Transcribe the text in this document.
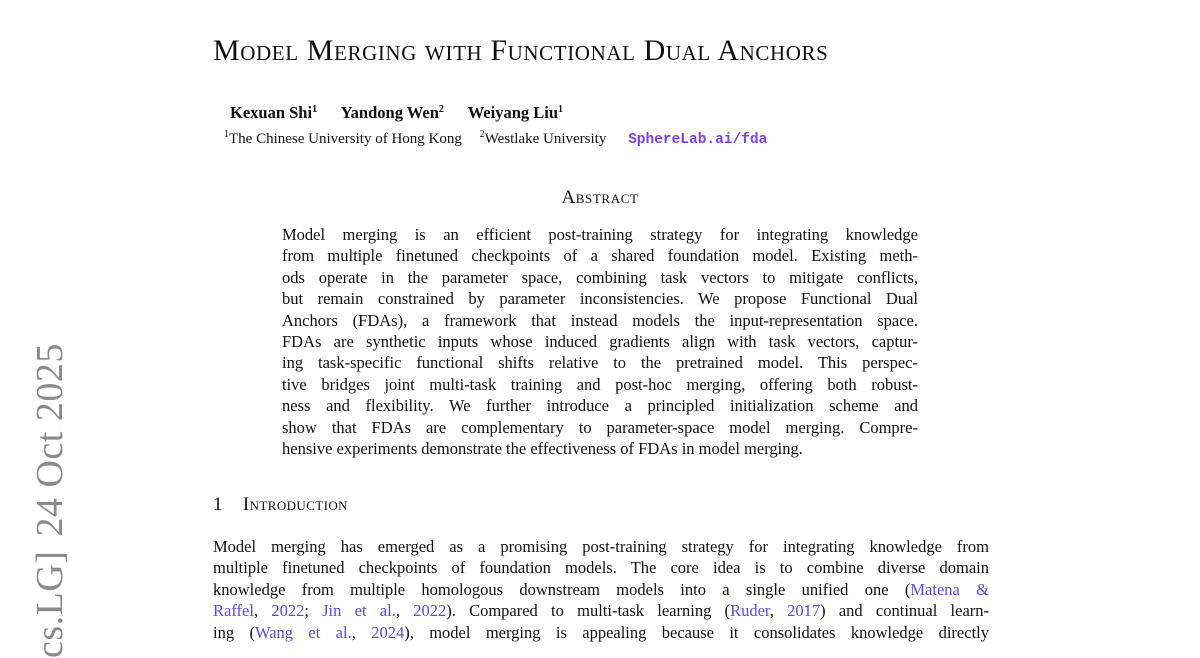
cs.LG]24 Oct 2025
Model Merging with Functional Dual Anchors
Kexuan Shi$^1$ Yandong Wen$^2$ Weiyang Liu$^1$
$^1$The Chinese University of Hong Kong $^2$Westlake University SphereLab.ai/fda
Abstract
Model merging is an efficient post-training strategy for integrating knowledge
from multiple finetuned checkpoints of a shared foundation model. Existing meth-
ods operate in the parameter space, combining task vectors to mitigate conflicts,
but remain constrained by parameter inconsistencies. We propose Functional Dual
Anchors (FDAs), a framework that instead models the input-representation space.
FDAs are synthetic inputs whose induced gradients align with task vectors, captur-
ing task-specific functional shifts relative to the pretrained model. This perspec-
tive bridges joint multi-task training and post-hoc merging, offering both robust-
ness and flexibility. We further introduce a principled initialization scheme and
show that FDAs are complementary to parameter-space model merging. Compre-
hensive experiments demonstrate the effectiveness of FDAs in model merging.
1 Introduction
Model merging has emerged as a promising post-training strategy for integrating knowledge from
multiple finetuned checkpoints of foundation models. The core idea is to combine diverse domain
knowledge from multiple homologous downstream models into a single unified one (Matena &
Raffel, 2022; Jin et al., 2022). Compared to multi-task learning (Ruder, 2017) and continual learn-
ing (Wang et al., 2024), model merging is appealing because it consolidates knowledge directly
